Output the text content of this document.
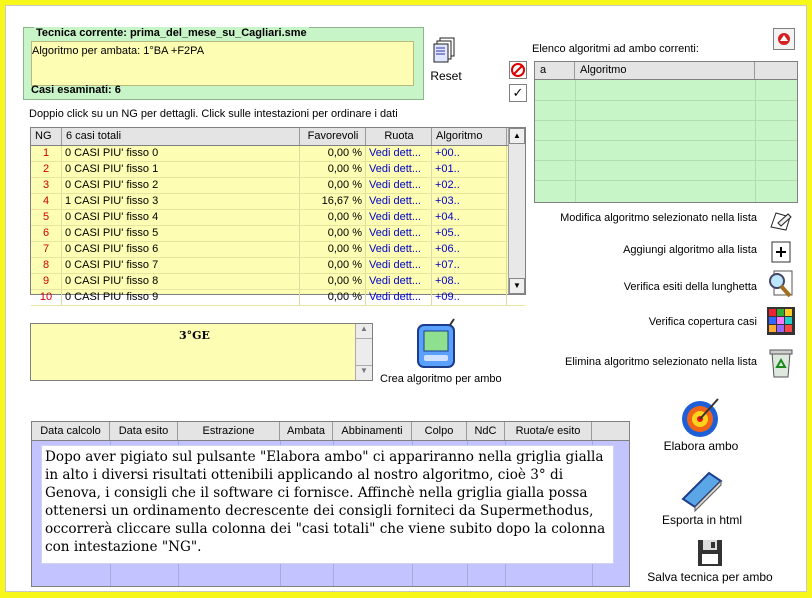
Tecnica corrente: prima_del_mese_su_Cagliari.sme
Algoritmo per ambata: 1°BA +F2PA
Casi esaminati: 6
Reset
Doppio click su un NG per dettagli. Click sulle intestazioni per ordinare i dati
NG	6 casi totali	Favorevoli	Ruota	Algoritmo
1	0 CASI PIU' fisso 0	0,00 % Vedi dett...	+00..
2	0 CASI PIU' fisso 1	0,00 % Vedi dett...	+01..
3	0 CASI PIU' fisso 2	0,00 % Vedi dett...	+02..
4	1 CASI PIU' fisso 3	16,67 % Vedi dett...	+03..
5	0 CASI PIU' fisso 4	0,00 % Vedi dett...	+04..
6	0 CASI PIU' fisso 5	0,00 % Vedi dett...	+05..
7	0 CASI PIU' fisso 6	0,00 % Vedi dett...	+06..
8	0 CASI PIU' fisso 7	0,00 % Vedi dett...	+07..
9	0 CASI PIU' fisso 8	0,00 % Vedi dett...	+08..
10	0 CASI PIU' fisso 9	0,00 % Vedi dett...	+09..
▲
▼
Elenco algoritmi ad ambo correnti:
✓
a	Algoritmo
Modifica algoritmo selezionato nella lista
Aggiungi algoritmo alla lista
Verifica esiti della lunghetta
Verifica copertura casi
Elimina algoritmo selezionato nella lista
3°GE
▲
▼
Crea algoritmo per ambo
Data calcolo	Data esito	Estrazione	Ambata	Abbinamenti	Colpo	NdC	Ruota/e esito
Dopo aver pigiato sul pulsante "Elabora ambo" ci appariranno nella griglia gialla in alto i diversi risultati ottenibili applicando al nostro algoritmo, cioè 3° di Genova, i consigli che il software ci fornisce. Affinchè nella griglia gialla possa ottenersi un ordinamento decrescente dei consigli forniteci da Supermethodus, occorrerà cliccare sulla colonna dei "casi totali" che viene subito dopo la colonna con intestazione "NG".
Elabora ambo
Esporta in html
Salva tecnica per ambo
